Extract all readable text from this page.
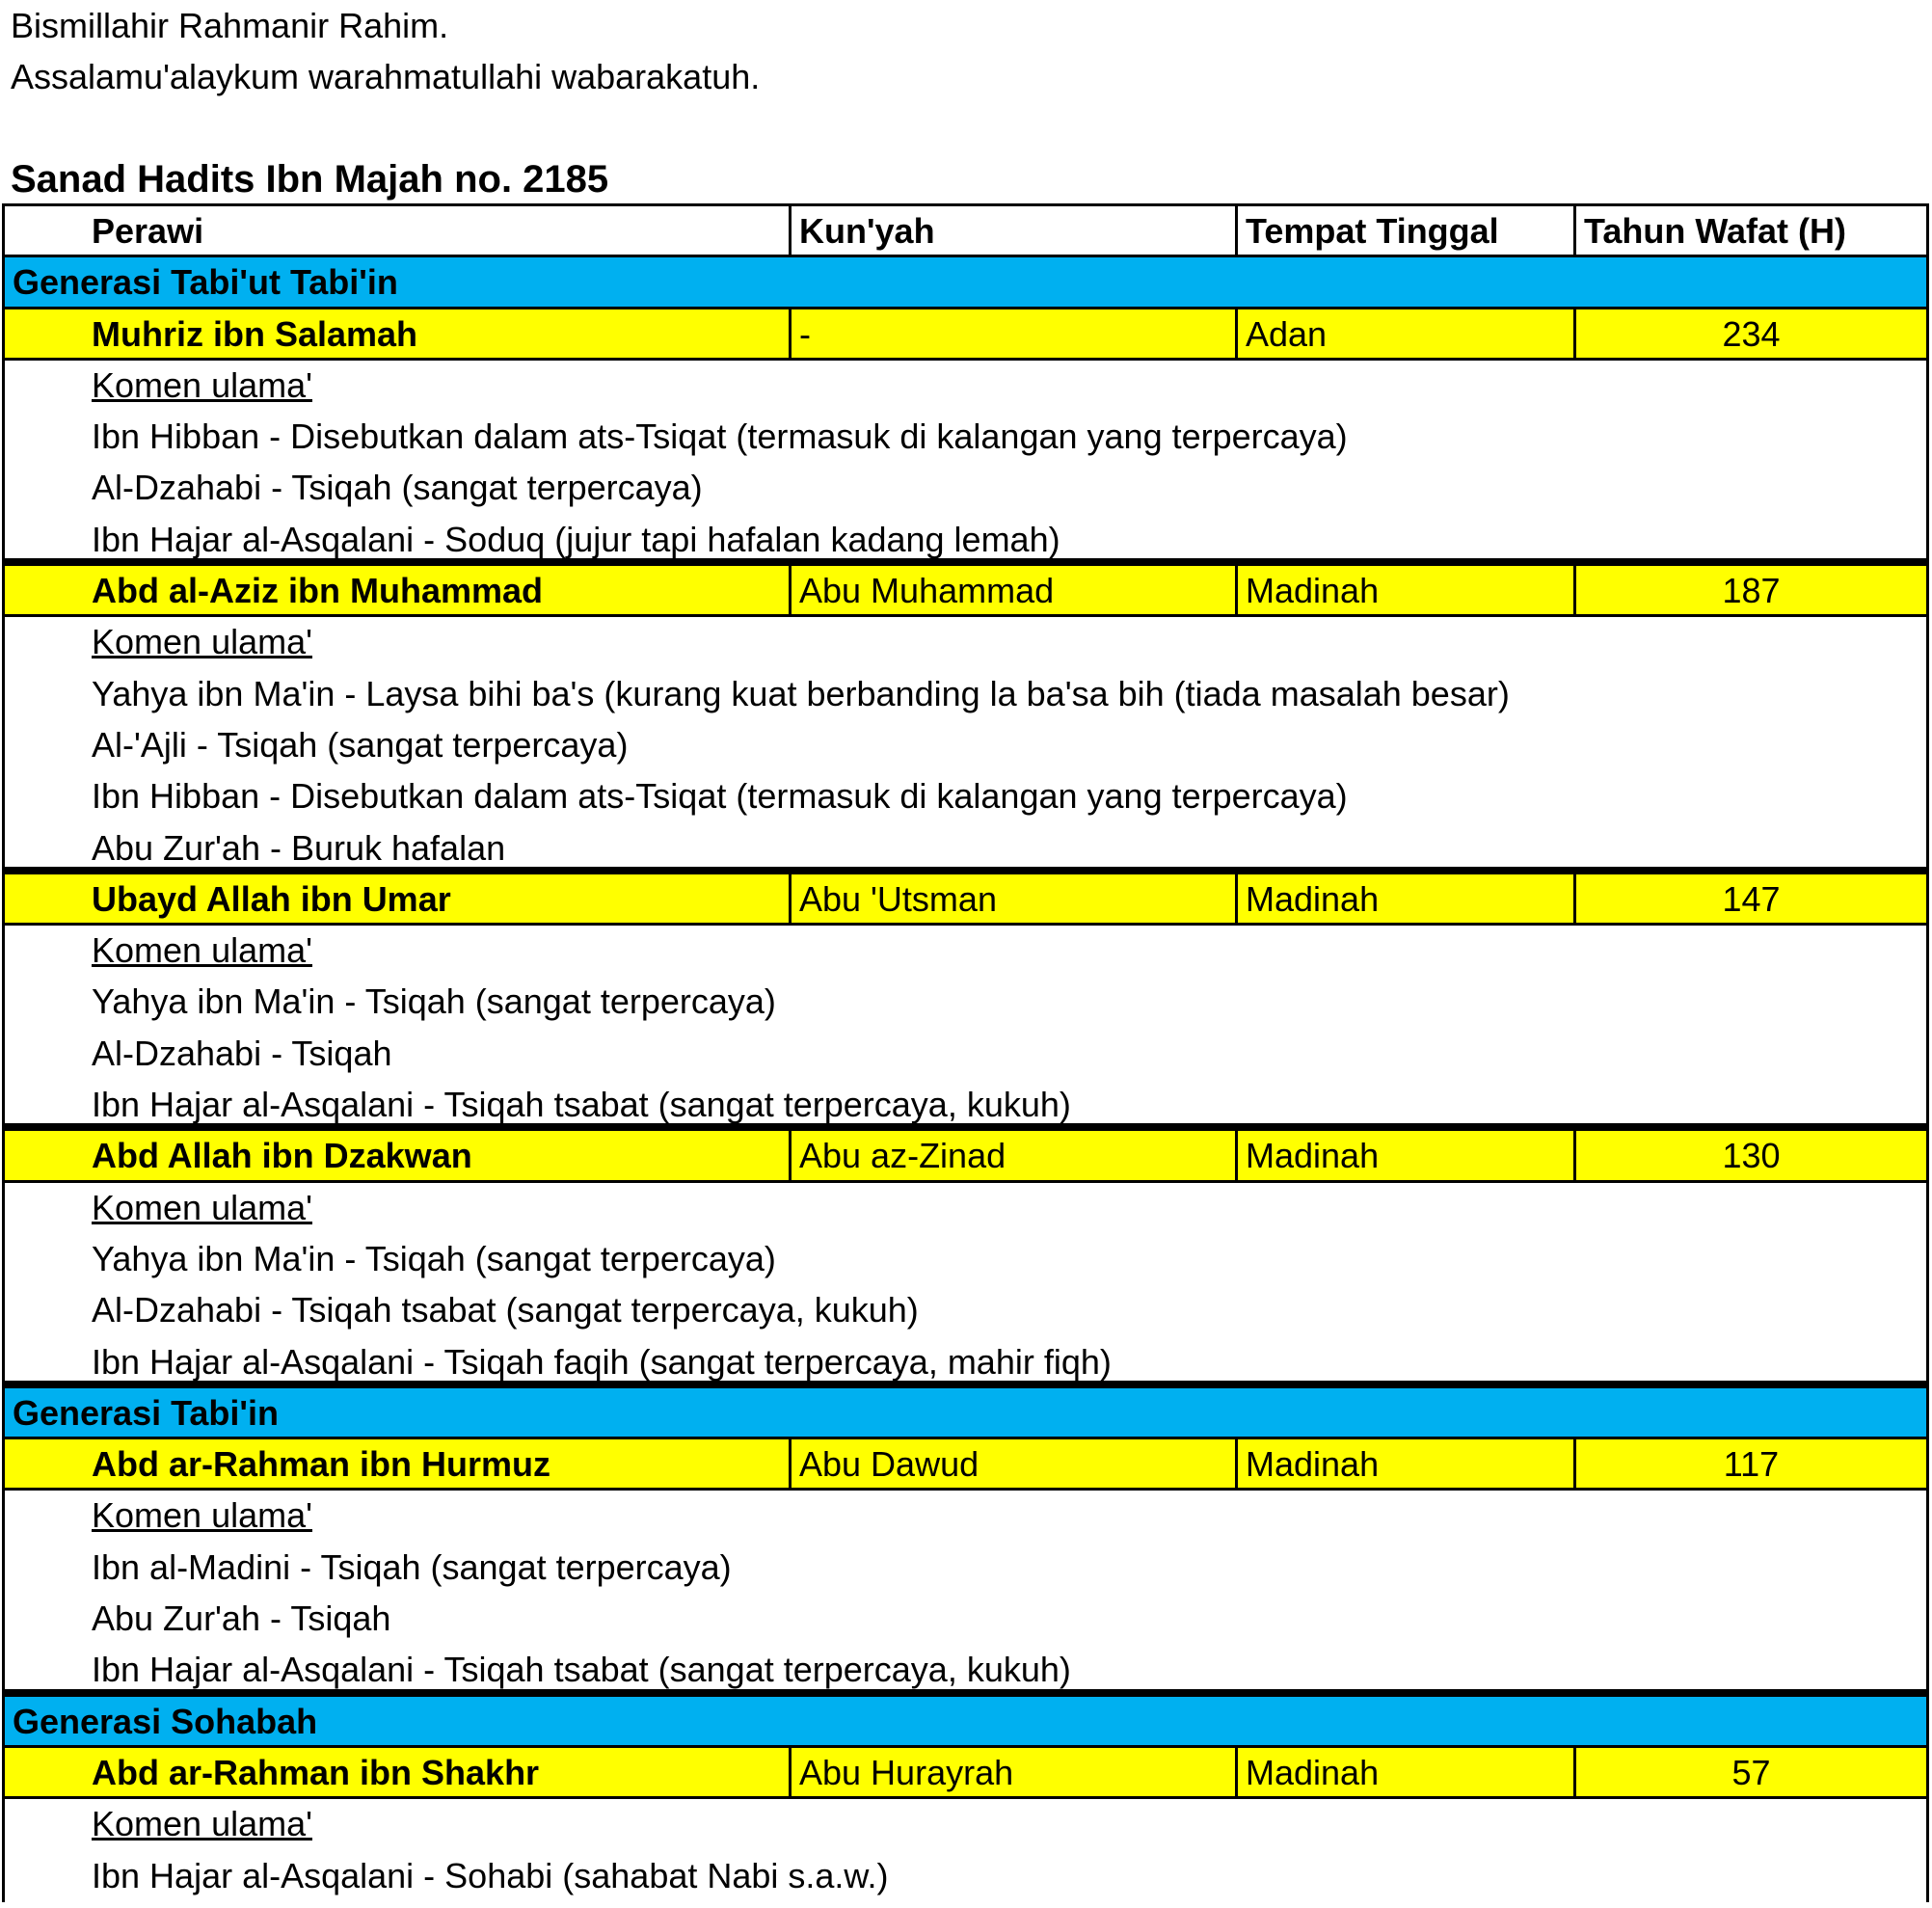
Bismillahir Rahmanir Rahim.
Assalamu'alaykum warahmatullahi wabarakatuh.
Sanad Hadits Ibn Majah no. 2185
Perawi	Kun'yah	Tempat Tinggal	Tahun Wafat (H)
Generasi Tabi'ut Tabi'in
Muhriz ibn Salamah	-	Adan	234
Komen ulama'
Ibn Hibban - Disebutkan dalam ats-Tsiqat (termasuk di kalangan yang terpercaya)
Al-Dzahabi - Tsiqah (sangat terpercaya)
Ibn Hajar al-Asqalani - Soduq (jujur tapi hafalan kadang lemah)
Abd al-Aziz ibn Muhammad	Abu Muhammad	Madinah	187
Komen ulama'
Yahya ibn Ma'in - Laysa bihi ba's (kurang kuat berbanding la ba'sa bih (tiada masalah besar)
Al-'Ajli - Tsiqah (sangat terpercaya)
Ibn Hibban - Disebutkan dalam ats-Tsiqat (termasuk di kalangan yang terpercaya)
Abu Zur'ah - Buruk hafalan
Ubayd Allah ibn Umar	Abu 'Utsman	Madinah	147
Komen ulama'
Yahya ibn Ma'in - Tsiqah (sangat terpercaya)
Al-Dzahabi - Tsiqah
Ibn Hajar al-Asqalani - Tsiqah tsabat (sangat terpercaya, kukuh)
Abd Allah ibn Dzakwan	Abu az-Zinad	Madinah	130
Komen ulama'
Yahya ibn Ma'in - Tsiqah (sangat terpercaya)
Al-Dzahabi - Tsiqah tsabat (sangat terpercaya, kukuh)
Ibn Hajar al-Asqalani - Tsiqah faqih (sangat terpercaya, mahir fiqh)
Generasi Tabi'in
Abd ar-Rahman ibn Hurmuz	Abu Dawud	Madinah	117
Komen ulama'
Ibn al-Madini - Tsiqah (sangat terpercaya)
Abu Zur'ah - Tsiqah
Ibn Hajar al-Asqalani - Tsiqah tsabat (sangat terpercaya, kukuh)
Generasi Sohabah
Abd ar-Rahman ibn Shakhr	Abu Hurayrah	Madinah	57
Komen ulama'
Ibn Hajar al-Asqalani - Sohabi (sahabat Nabi s.a.w.)
